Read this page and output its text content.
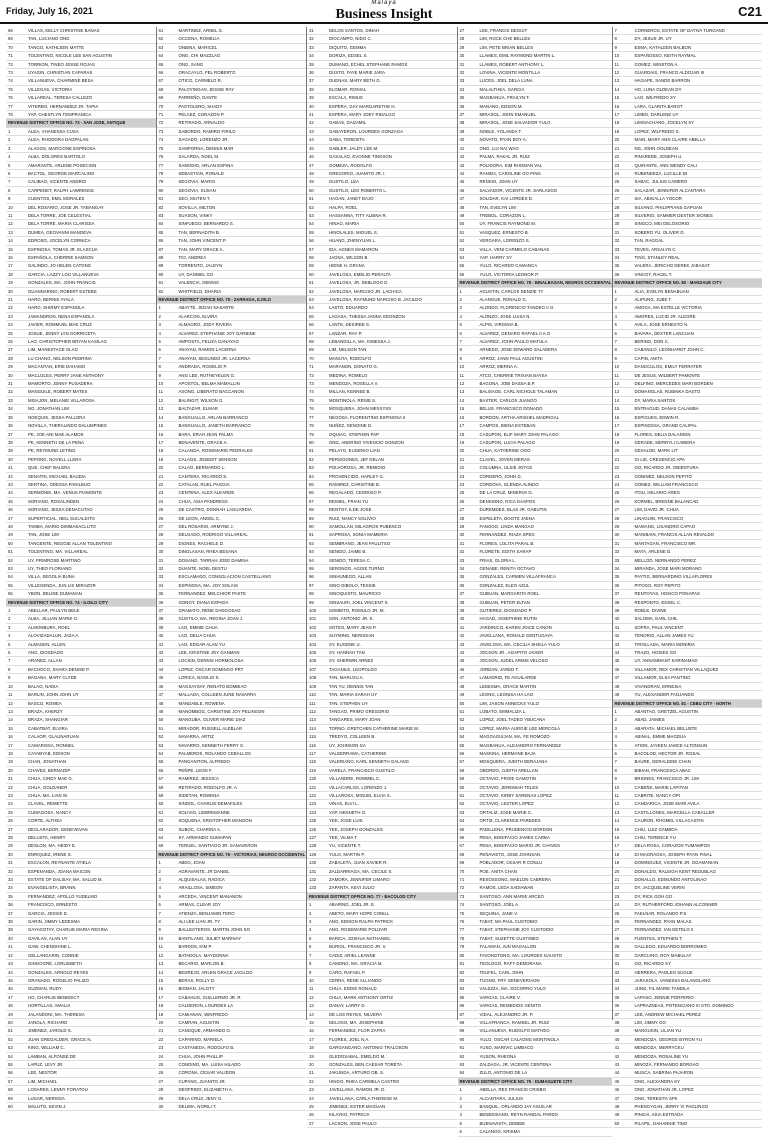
Friday, July 16, 2021
Malaya
Business Insight	C21
68	VILLAS, KELLY CHRISTINE BANAS
69	TAN, LUCIANO ONG
70	TANGO, KATHLEEN MATTE
71	TOLENTINO, NICOLE LEE SAN AGUSTIN
72	TORRION, TINEO JESSE ROJAS
73	UYAGIN, CHRISTIAN CAPARAS
74	VILLANUEVA, CHARMINE BESA
75	VILLEGAS, VICTORIA
76	VILLAREAL, TERESA CALLEZO
77	VITERBO, HERNANDEZ JR. TAPIA
78	YAP, CHESTLYN TEMPRANICA
REVENUE DISTRICT OFFICE NO. 73 - SAN JOSE, ANTIQUE
1	ALEA, VHANESSA CUSA
2	ALEA, RHODORA DAGPALAN
3	ALAGOS, MARCIONE ESPINOSA
4	ALBA, DOLORES BARTOLO
5	AMARANTE, ARLENE POSECION
6	BACTOL, GEORGE MARCALINO
7	CALIBAO, VICENTE ANDRIO
8	CARPENET, RALPH LAWRENCE
9	CUENTOS, EMIL MORALES
10	DEL ROSARIO, JOSE JR. TABANGAY
11	DELA TORRE, JOE CELESTIAL
12	DELA TORRE, MARIA CLARISSA
13	DUMEA, GEOVANNI MANDEVA
14	EDROSO, JOCELYN CORNICA
15	ESPINOSA, TOMAS JR. ELASCUA
16	ESPAÑOLA, CHERRIE SAMSON
17	GALINDO, JO HELEN CATONG
18	GARCIA, LAZZY LOU VILLANUEVA
19	GONZALES, MA. JOHN FRANCIS
20	GUANNARINO, ROBERT ESTEBS
21	HARO, BERNIE AYALA
22	HARO, SHIRMY ESPANOLA
23	JAMANDRON, NENA ESPANOLA
24	JAVIER, ROMMUEL MAE CRUZ
25	JOSUE, JENNY LYN GORRICETA
26	LAO, CHRISTOPHER BRYAN KASILAG
27	LIM, MANESTACE OLAG
28	LU CHANG, NELSON PEDRINA
29	MACANTAN, ERIE DAHAMO
30	MACLOLES, PERRY JANE ANTHONY
31	MAMORTO, JENNY PUSADERA
32	MANGUILE, ROBERT MATES
33	MISAJON, MELANIE VILLAROSA
34	NG, JONATHAN LIM
35	NOEQUIS, JESSA PALLORA
36	NOVILLA, THERALINDO DALUMPINES
37	PE, JOE-ANI MAE ALAMOS
38	PE, KENNETH DE LA PENA
39	PE, REYMUND LETING
40	PEPONG, NOVELL LLERA
41	QUE, CHEF BALERA
42	SENATIN, MICHAEL BAUDIA
43	SENTINA, ODESSA PADILBUO
44	SERMONIE, MA. VENUS PIAMONTE
45	SORIANO, ROSALINDEN
46	SORIANO, JESSA DENACUTAO
47	SUPERTICIAL, NEIL SUCALDITO
48	TAMBA, MARIO DIMMASACLUTO
49	TAN, JOSE LIM
50	TANGENTE, REGGIE ALLAN TOLENTINO
51	TOLENTINO, MA. VILLAREAL
52	UY, PRIMROSE MARTINO
53	UY, THEO FLORIANO
54	VILLA, SEGOLIA BUNA
55	VILLEGENDA, JUN LIS MIRAZOR
56	YBON, BELINE DUMANAN
REVENUE DISTRICT OFFICE NO. 74 - ILOILO CITY
1	ABELLAR, PAULYN BELE
2	ALBA, JILLIAN MARIE O.
3	ALMONBURA, ROEL
4	ALOVIZADALUN, JAZA A.
5	ALMAGEN, ALLEN
6	ANG, DIOSDADO
7	ARANEZ, ALLAN
8	BACHOCO, SHARA DENISE P.
9	BAGANA, MARY CLYDE
10	BALAO, NADIA
11	BARLIN, JOHN JOHN UY
12	BASCO, ROMEA
13	BRAZA, KHERZY
14	BRAZA, SHANGIAR
15	CABATBAT, ELVIRA
16	CALAOR, GLAUNARUAN
17	CAMARISSA, RONNEL
18	CAYABYAB, EDISON
19	CHAN, JONATHAN
20	CHAVEZ, BERNADIP
21	CHUA, CINDY MAE G.
22	CHUA, GOLDANER
23	CHUA, MA. LIAN W.
24	CLAVEL, REMETTE
25	CUMAGOSA, NANCY
26	CORTE, ALTHEA
27	DECLARADOR, GENEVEVAN
28	DELUSTA, HENRY
29	DESLON, MA. HEIDY E.
30	ENRIQUEZ, IRENE S.
31	ESCALON, REYNANTE ATIELA
32	ESPENANDA, JOANA MAICON
33	ESTATE OF DALISAY, MA. SALUD M.
34	EVANGELISTA, BRANN
35	FERNANDEZ, APOLLO YUDELMO
36	FRANCISCO, ERNESTO
37	GARCIA, JESSIE D.
38	GARIN, JIMMY LEDESMA
39	GAYAGOTAY, CHARLIE MARIA REGINA
40	GAVILAN, ALAN UY
41	GAW, CHENGHINE L.
42	GELLANGARIN, CONNIE
43	GINGOGRE, LORLIEBETH
44	GONZALES, ARNOLD REYES
45	GRANADO, ROGELIO PALIZO
46	GUZMAN, RUDY
47	HO, CHARLIE BENEDICT
48	HORTILLAS, AMALIA
49	JALANDONI, MA. THERESA
50	JANOLA, RICHARD
51	JIMENEZ, JAROLD S.
52	JUAN GREGALDER, GRACE N.
53	KING, WILLIAM C.
54	LAMBAN, ALFONSE DE
55	LAPUZ, LEVY JR.
56	LEE, NESTOR
57	LIM, MICHAEL
58	LOSARES, LENNY FORATOU
59	LUGAR, NERISSA
60	MALUTO, KEVIN J.
61	MARTINEZ, ARNEL S.
62	OCCENA, ROMELIA
63	ONBINA, MARICEL
64	ONG, CHI MAZZLAG
65	ONG, SANG
66	ORACAYLO, FEL ROBERTO
67	OTICO, CARMELO R.
68	PALOYINGAN, JESSIE RAY
69	PARREÑO, DANTE
70	PASTOLERO, SHADY
71	PELAEZ, CORAZON P.
72	RETIRADO, ARNALDO
73	SABORDO, RAMIRO FIRILO
74	SAGADO, LORENZO JR.
75	SAMPORNA, DENNIS MAR
76	SALARDA, NOEL M.
77	SAMODIO, ARLAN ESPINA
78	SEBASTIAN, RONALD
79	SEGOVIA, MARIO
80	SEGOVIA, SUSAN
81	SEO, MUTEN T.
82	SOVILLA, MILTON
83	SUASON, VINKY
84	SINFUEGO, BERNARDO S.
85	TAN, BERNADITH B.
86	TAN, JOHN VINCENT P.
87	TAN, MARY GRACE A.
88	TIO, ANDREA
89	TORRENTO, JALDYN
90	UY, DANNIEL GO
91	VALENCIA, DENNIS
92	WHITFIELD, DHARIA
REVENUE DISTRICT OFFICE NO. 75 - ZARRAGA, ILOILO
1	ABAYTE, JEDAH NASARTE
2	ALARCON, ELVIRA
3	ALMAGRO, JODY RIVERA
4	ALVAREZ, STEPHANIE JOY GARBINE
5	AMPOSTA, FELIZA GANAYAO
6	ANAYAN, RAMON LACERNA
7	ANAYAN, SEGUNDO JR. LACERNA
8	ANDRADA, ROGELIO P.
9	ANG LEE, RUTHEYELEN G.
10	APOSTOL, BELMA MAMALLIN
11	ASONG, LIBERATO BACCANON
12	BALINGIT, WILSON G.
13	BALTAZAR, ELMAR
14	BANGUALLO, ARLAN BARRANCO
15	BANGUALLO, JANETH BARRANCO
16	BARA, ERAH JEAN PALMA
17	BENAVENTE, GRACE A.
18	CALANOA, ROSEMARIE PEDRALES
19	CALAOS, JOSEDIT SENSON
20	CALAO, BERNARDO L.
21	CANTERA, RICARDO S.
22	CATALAN, RUEL PAGGIA
23	CENTENA, ALEX ALEARDE
24	CHUA, ASIA PANDRESS
25	DE CASTRO, DONNAH LAGUARDIA
26	DE LEON, ANGEL C.
27	DEL ROSARIO, ARMYNE J.
28	DELGADO, RODRIGO VILLAREAL
29	DIGNES, RACHELE D.
30	DINGLASAN, RHEA BESANA
31	DOSANO, TARRAH JOEE DAMINA
32	DUANTE, NOEL DESTU
33	ESCLAMADO, CONSOLACION CASTELLANO
34	ESPINOSA, MA. JOY SOLAIS
35	FERNANDEZ, MELCHIOR PASTE
36	GONOY, DIANA ESPADA
37	GRABATO, RENE DANGOSAO
38	GUSTILO, MA. REGINA JOAN J.
39	LAO, EMMIE CHUA
40	LAO, DELIA CHUA
41	LAO, EDGAR ALAN YU
42	LEE, KRISTINE JOY GANMAN
43	LOCSIN, DENNIS HORMOLOSA
44	LOPEZ, OSCAR DOMINGO PRT
45	LORICA, BASILIO S.
46	MAGSAYSAY, RENATO BOMBIAO
47	MALLADA, COLLEEN JUNE NAVARRA
48	MANDABLE, ROWENA
49	MANOMBOG, CHRISTINE JOY PELINGON
50	MANGUBA, OLIVER MARIE DIAZ
51	MIRADOR, RUSSELL ALEBLAR
52	NAVARRA, ARTIZ
53	NAVARRO, KENNETH FERRY S.
54	PALMEROS, ROLANDO CEBALLOS
55	PANGANITON, ALFREDO
56	PEÑPE, LEON F.
57	RAMIREZ, JESSICA
58	RETIRADO, RODOLFO JR. A.
59	SIDETAN, ROWENA
60	SINDOL, CHARLIE DEMAFILES
61	SOLIVIO, LIEBREMANNE
62	SOQUENA, KRISTOFHER MANGON
63	SUBOC, CHARINA A.
64	SY, ARMANDO GUMAPAN
65	TERUEL, SANTIAGO JR. SANAVERON
REVENUE DISTRICT OFFICE NO. 76 - VICTORIAS, NEGROS OCCIDENTAL
1	ABEO, JOAN
2	AGRAVANTE, JR DANIEL
3	ALQUISALAS, RADICA
4	ARAILLOSA, SIMEON
5	ARCEDA, VINCENT MANANON
6	ARMAS, CLEAR JOY
7	ATIENZA, BENJAMIN TERO
8	ALI LEE LIAN JR. TY
9	BALLESTEROS, MARTIN JOHN SO
10	BANTILANO, JULIET MARINAY
11	BARDOS, KIM P.
12	BATADOLA, MAYDONNA
13	BECARIO, MARLON B.
14	BEDREJO, ARLEN GRACE JACILDO
15	BERAS, ROLLY D.
16	BIGMAN, JALOTY
17	CABAHUG, GUILLERMO JR. R.
18	CALDERON, LOURDES LA
19	CAMIANAN, WINFREDO
20	CAMRAN, AGUSTIN
21	CANGQUE, ARMANDO O.
22	CAPARINO, MARIELA
23	CASTANEDA, RODOLFO B.
24	CHUA, JOHN PHILLIP
25	CONDINO, MA. LUISA HILADO
26	CORONA, CESAR VALIDON
27	CUPANG, JUANITO JR.
28	DEOFRIDO, ELIZABETH A.
29	DELA CRUZ, JENY G.
30	DELIMA, NORILI T.
31	DELOS SANTOS, DINAH
32	DIOCAMPO, NIDO C.
33	DIQUITO, GEMMA
34	DORIZA, EDSEL S.
35	DUMANO, ECHEL STEPHANE RAMOS
36	DUSTO, FAYE MARIE JARA
37	DUENAS, MARY BETH G.
38	ELOMAR, RONIAL
39	ESCALA, RIMUS
40	ESPERA, GAY MARGARETHE H.
41	ESPERA, MARY JOEY RIDALGO
42	GABAS, DAGAMIL
43	GABAYERON, LOURDES GONZAGA
44	GABA, TERESITA
45	GABLER, JALDY LEE M.
46	GASALAO, EVONNE TINGSON
47	GOMEZA, RODOLFO
48	GREGORIO, JUANITO JR. I.
49	GUSTILO, LEA
50	GUSTILO, LEO ROBERTO L.
51	HAGAN, JANET BAJO
52	HALPA, ROEL
53	HASSANNA, TITY ALBINA R.
54	HINAO, MARIA
55	HINOLALES, MIGUEL S.
56	HUANG, ZHENYUAN L.
57	IDA, AGNES MAMARON
58	JAGNA, WILSON B.
59	HIENE H. GRANA
60	JAVELOSA, EMELIO PERALTA
61	JAVELOSA, JR. SEBLOGO D.
62	JAVELOSA, NARCISO JR. LACHICA
63	JAVELOSA, RAYMUND NARCISO B. JACILDO
64	LASTO, EDUARDO
65	LAGASA, THESSA JANNA GEONZON
66	LANTE, DESIREE S.
67	LANZAR, RAY P.
68	LEBANDILLA, MA. KIMESSA J.
69	LIM, NELSON TAN
70	MANUTA, RODOLFO
71	MARANON, DONATO G.
72	MEDINA, ROMELO
73	MENDOZA, ROSELLA V.
74	MILLAN, KENNEE B.
75	MONTINOLA, RENIE S.
76	MOSQUERA, JOHN MEXXYSS
77	NEGOSA, FLORENTINO ESPINOSA II
78	NUÑEZ, GENOINE D.
79	OQUIAC, STEPHEN PAP
80	ONG, ANDRINO VIVENCIO GONZON
81	PELAYO, EUGENIO LIAN
82	PERSIGONES, JEF DELAN
83	POLVOROSA, JR. REMIGIO
84	PROVENCIDO, HARLEY G.
85	RAMIREZ, CHRISTINE B.
86	REGALADO, CEDRIXIO P.
87	REMIEL, FRIAN YU
88	RENTOY, ILDE JOSE
89	RUIZ, NANCY SOLIVIO
90	SAMOLLAN, MILAGROS PUBENCO
91	SAPROSA, SONIA MAMERIA
92	SEMBRANO, JEAN PAULITSO
93	SENIDO, JAIME B.
94	SENIDO, TERESA C.
95	SERONGO, AGGIE TURNO
96	SINHUNEGO, ALLAN
97	SINO GIBOLO, TESSIE
98	SINOQUISTO, MAURICIO
99	SINSAURI, JOEL VINCENT S.
100	SOMBITO, ROMULO JR. M.
101	SON, ANTONIO JR. K.
102	SOTEO, MARY JEAN P.
103	SUYMING, NERISSAN
104	SY, EUGENE U.
105	SY, HANNAH TAN
106	SY, SHERWIN ARNEZ
107	TAGANILE, LEOPOLDO
108	TAN, MARLOU A.
109	TAN YU, DENNIS TAN
110	TAN, MARIA SARAH UY
111	TAN, STEPHEN UY
112	TANGAO, PRIMO GREGORIO
113	TANGARES, MARY JOAN
114	TORNO, GRETCHEN CATHERINE MARIE M.
115	TREDYO, COLLEEN B.
116	UY, JOHNSON GA
117	VALDERRAMA, CATHERINE
118	VALERIANO, KARL KENNETH GALANG
119	VARELA, FRANCISCO GUSTILO
120	VILLANDRE, ROMMEL C.
121	VILLACARLOS, LORENZO J.
122	VILLAROSA, MIGUEL ELVIA S.
123	VINAS, ELVI L.
124	YAP, HENNETH O.
125	YEE, JOSE LUIS
126	YEE, JOSEPH GONZALES
127	YEE, VILMA T.
128	YU, VICENTE T.
129	YULO, MARTIN P.
130	ZABALETA, JUAN XAVIER R.
131	ZALDARRIAGA, MA. CECILE S.
132	ZAMORA, JENNIFER LIMARO
133	ZAPANTA, KEVI JULIO
REVENUE DISTRICT OFFICE NO. 77 - BACOLOD CITY
1	ABARING, JOEL JR. E.
2	ABETO, MARY HOPE CONILL
3	ANG, EDISON RALPH PATRICK
4	ANG, ROSEMARIE POLIZAR
5	BARICA, JOSHUA NATHANIEL
6	BURIOL, FRANCISCO JR. V.
7	CADIZ, ARIEL LEANNE
8	CAMONG, MA. GRACIA M.
9	CARO, RAFAEL P.
10	CERRA, RENE ALLIANDO
11	CHUA, EDDIE RONALD
12	CHUA, MARK ANTHONY ORTIZ
13	DANAY, LARRY D.
14	DE LOS REYES, NILVERA
15	DELOSO, MA. JOSEPHINE
16	FERNANDEZ, FLOR ZAFRA
17	FLORES, JOEL N.A.
18	GARGANGANO, ANTONIO TRALOSON
19	GLEDOSABAL, EMELDO M.
20	GONZALES, BEN CAESAR TORETA
21	JAKUNDA, ARTURO OB. S.
22	HINGO, RHEA CARMELA CASTRO
23	JAVELLANA, RAMON JR. D.
24	JAVELLANA, CARLA THERESE M.
25	JIMENEZ, ESTER MAGUAN
26	KILAYKO, PATRICIA
27	LACSON, JOSE PAULO
27	LEE, FRANCIS DEGUIT
28	LIM, ROCE CHE BELLES
29	LIM, PETE BRIAN BELLES
30	LLAMES, EMIL RAYMOND MARTIN L.
31	LLAMES, ROBERT ANTHONY L.
32	LOVINA, VICENTE MONTILLA
33	LUCES, JOEL DELA LUNA
34	MALALTHEA, GARCIA
35	MAGBANUA, FRAILYN T.
36	MANANG, EDSON M.
37	MIRASOL, JOHN EMANUEL
38	MIRASOL, JOSE SALVADOR YULO
39	NOBLE, YOLANDA T.
40	NOVATO, RYAN BOY A.
41	ONG, LUI NAI WAO
42	PALMA, RAKAL JR. RUIZ
43	POLIDORA, KIM RHOMAN VAL
44	RANIDA, CAROLINE GO PING
45	RENSIO, JOHN UY
46	SALVADOR, VICENTE JR. SARLASGO
47	SOLIDAR, KAI LORDES D.
48	TAN, EVELYN LIM
49	TREBOL, CORAZON L.
50	UY, FRANCIS RAYMOND M.
51	VASQUEZ, ERNESTO B.
52	VERGARA, LORENZO S.
53	VILLA, VENI CARMELO CABANAS
54	YAP, HARRY SY
55	YULO, RICARDO CAMANCA
56	YULO, VICTORIA LEONOR P.
REVENUE DISTRICT OFFICE NO. 78 - BINALBAGAN, NEGROS OCCIDENTAL
1	AGUSTIN, CARLOS DENZIE TY
2	ALANGUE, RONALD G.
3	ALONDO, FLORENCIO TANDEO II G.
4	ALONZO, JOSE LUISA N.
5	ALPIS, VIRGINIA B.
6	ALVAREZ, GENARO RAFAEL II A.O
7	ALVAREZ, JOHN PAULO MATULA
8	ARNEDO, JOSE EDWARD SALADERA
9	ARROZ, JANN PAUL AGUSTINI
10	ARROZ, MERNA A.
11	ATCO, CHERRIE TRIXIAN BAYSA
12	BAGONA, JOBI DASSA B.P.
13	BALISAGE, CARL NICHOLE TALAMAN
14	BAXTER, CARLOS JUANGO
15	BELUS, FRANCISCO DONADO
16	BORDON, ARTHA ARISHEL MADRIGAL
17	CAMPOS, BIENA ESTEBAN
18	CASUPON, ELIF MARY JOHN PALAGO
19	CASUPON, LUCIA PALAGO
20	CHUA, KATHERINE OOO
21	CLAVEL, JOVEN MERAS
22	COLUMNA, ULSIE JOYCE
23	CORDERO, JOHN D.
24	CORDOVA, GLENDA ALINDO
25	DE LA CRUZ, MINERVA G.
26	DENSIONO, RICA GASPOS
27	DUREMDES, BLAS JR. GABUTIN
28	ESPELETA, BOOTS JAENA
29	FANOGO, LINDA MANGAO
30	FERNANDEZ, RIAZA SPEG
31	FLORES, LOLITA PARAL B.
32	FLORETE, EDITH SARAP
33	FRIAS, GLORIA L.
34	GENABE, RENITA OCTAVO
35	GONZALES, CARMEN VILLAFRANCA
36	GONZALEZ, ELEO AZUL
37	GUBUAN, MARGARITA ROEL
38	GUBUAN, PETER ELTAN
39	GUTIEREZ, DIOSDADO P.
40	HAGAD, JOSEPHINE RUTIN
41	JARDINICO, KAREN JOICE CANON
42	JAVELLANA, RONALD GENTUGAYA
43	JAVELOSA, MA. CECILIA SHEILA YULO
44	JOCSON JR., AGAPITO JAVIER
45	JOCSON, JUDEL ARMIS VELOSO
46	JORDAN, JARED T.
47	LAMADRID, FE AGUILARDE
48	LEDESMA, GRACE MARTIN
49	LEONG, LEONISA HA LAO
50	LIM, JASON ANNECKS YULO
51	LOBATO, EMMALIZA L.
52	LOPEZ, JOEL TADEO YBUCANA
53	LOPEZ, MARIA AURGIE LEE MERCOLA
54	MAGGAGUIJAN, MA. FE ROMOZO
55	MAGBANUA, ALEJANDRO FERNANDEZ
56	MASKINA, HERMANE BAJA
57	MOSQUERA, JUDITH BERAJANA
58	OBORDO, JUDITH ARELLAN
59	OCTAVIO, FROIE GAMOTIN
60	OCTAVIO, JEREMIAH TELES
61	OCTAVIO, KIRBY SARENAS LOPEZ
62	OCTAVIO, LESTER LOPEZ
63	ORTALIZ, JOSE MARIE C.
64	ORTIZ, CLARENCE PAREDES
65	PADILLENA, PRUDENCIO BORDON
66	PENA, BONIFACIO JAMES CARBA
67	PENA, BONIFACIO MARIO JR. CHAVES
68	PEÑAVISTO, JOSE JOHNSAN
69	POBLADOR, CESAR R CONLU
70	POE, ANITA CHAN
71	RESOSSONG, MAELON CABRERA
72	RAMOS, LEDA SADIAWAN
73	SANTOSO, ANN MARIE ARCEO
74	SANTOSO, JOEL A.
75	SEQUINA, JANE V.
76	TABAT, MA PAUL CUSTOBIO
77	TABAT, STEPHANIE JOY CUSTODIO
78	TABAT, SUZETTE CUSTOBIO
79	TALAMAN, JUN MAGALLON
80	TAVONGTONG, MA. LOURDES GAUSTO
81	TEOLOGO, RAFY DEMORANA
82	TEUFEL, CARL JOHN
83	TUGNO, FRY GENEVERIAON
84	VALEZZA, MA. SOCORRO YULO
85	VARGAS, CLAIRE V.
86	VARGAS, REMEDIOS GENITO
87	VIDAL, ALEJANDRO JR. P.
88	VILLAFRANCA, RAMSEL JR. RUIZ
89	VILLANUEVA, RUDOLFO MATHEO
90	YULO, OSCAR CALAONG MONTINOLA
91	YUSO, MARIVIC LIMBACO
92	YUSON, RHEONA
93	ZALDAGA, JR. VICENTE CENTENA
94	ZULO, ANTONIO DE LA
REVENUE DISTRICT OFFICE NO. 79 - DUMAGUETE CITY
1	ABELLA, REX FRANCIS CRISBO
2	ALCANTARA, JULIUS
3	BANQUIL, ORLANDO JAY AGUILAR
4	BENEDISANO, REYN RANDAL PARDO
5	BUENAVISTA, DEBBIE
6	CALANOG, KRISMA
7	CORNEROS, ESTATE OF DATIVA TURGAND
8	DY, JESUS JR. UY
9	ESMA, KATHLEEN BALBON
10	ESPAÑOSSO, KEITH RAYMAL
11	GOMEZ, WINSTON A.
12	GUARDAIS, FRANCO ALDOJAR III
13	HAGAPE, SANDE BARRON
14	HO, LUNA OLDEAN DY
15	LAO, WILFREDO SY
16	LARA, CLARITA BAROT
17	LIMBO, DARLENE UY
18	LIMSIACHANG, JOCELYN SY
19	LOPEZ, WILFREDO S.
20	MAIN, MARY ANN CLAIRE ABELLA
21	NG, JOHN OOLDEAN
22	PINAREDE, JOSEPH U.
23	QUIRANTE, ANN WENDY CALI
24	RUBENDEZA, LUCILLE BI
25	SABAC, JULIUS CAMERO
26	SALAZAR, JENNIFER ALCANTARA
27	SIA, ABIGALLA YOCOR
28	SILVANO, PHILIPPIANS GAPUAN
29	SILVERIO, SAMMER DEXTER SIONES
30	SINGCO, MEI DELOSORIO
31	SOBERO YU, OLIVER G.
32	TAN, RAGGAL
33	TEVES, ARSALYN C.
34	TING, STANLEY REAL
35	VALERA, JERICHO DEREK JABASAT
36	VINCOY, RACEL T.
REVENUE DISTRICT OFFICE NO. 80 - MANDAUE CITY
1	ALIA, EVELYN BENABUAN
2	ALIPUNG, JUBE T.
3	AMOGA, MA ESTELLE VICTORIA
4	AMORES, LUCID JR. ALEGRE
5	AVILA, JOSE ERNESTO N.
6	BAVARA, DEXTER LANCUAN
7	BERING, DON C.
8	CABANILO, LEONHARDT JOHN C.
9	CAPIN, ANITA
10	DANGCULOS, EMILY FERRATER
11	DE JESUS, WILBERT PAMONTE
12	DELFINO, MERCEDES MARI BORDEN
13	DOMANGLAS, RUBINKA DASTO
14	DY, MARIA SANTOS
15	ENTRAGUD, DANAS CALAMBA
16	ESPIGUES, EDWIN R.
17	ESPINOSSA, GRAND CALIPAL
18	FLORES, DELIA DALANGIN
19	GERADE, MERRYLI CABIERA
20	GESALDE, MARK LIT
21	GI LIE, CRESENCIO APA
22	GO, RICARDO JR. OBIENTURA
23	GOBINEZ, NELSON PEPITO
24	GOMEZ, WILLIAM FRANCISCO
25	ITOU, HELARIO AREG
26	KORMEL, BRENNE BALANCAD
27	LIM, DAVID JR. CHUA
28	LINAGUIN, FRANCISCO
29	MAMANG, LISANDRO CAPAO
30	MANIBAIN, FRANCIS ALLAN REVALDO
31	MANTAGAN, FRANCISCO MR.
32	MATA, ARLENE D.
33	MELLOD, NERNANDO PEREZ
34	MIRANDA, JOSE MARI MORANO
35	PAYTIG, BERNARDINO VILLAFLORES
36	PITOGO, ROY PEPITO
37	RENTOYAS, HOSICO PONAPAS
38	RESPONTO, EDSEL C.
39	ROBLE, DIVINE
40	SALOMA, EARL CHIL
41	SOFRA, PAUL VINCENT
42	TENORIO, ALLAN JAMES YU
43	TIROLLADA, MARIA MONIRIA
44	TRAZO, HOSIES GO
45	UY, ANNAMMANT KARINAMAD
46	VILLAMOR, REX CHRISTIAN VILLAQUEZ
47	VILLAMOR, ELSA PANTINO
48	VIVANDRAN, ERNESIA
49	YU, ALEXANDER FAOJANDO
REVENUE DISTRICT OFFICE NO. 81 - CEBU CITY - NORTH
1	ABANTAO, GRETZEL AGUSTIN
2	ABAD, JAIMES
3	ABARATA, MICHAEL BELUSTE
4	ABINAL, EMME MAGDUA
5	ATION, JAYEEN JAMCE ALTONSUN
6	BACOLOD, HECTOR JR. ROSAL
7	BAURE, GERALDINE CHAN
8	BIBIAN, FRANCESCA ABAC
9	BRIONES, FRANCISCO JR. LIM
10	CABEÑS, MARIE LAPITAN
11	CABRITE, NANCY OPI
12	CANDARICA, JOSE MARI AVILA
13	CASTILLONES, MARCELLA CABALLER
14	CAURON, RHOMEL VILLACASTIN
15	CHIU, LUIZ GAMBOA
16	CHIU, TERENCE YU
17	DELA ROSA, CORAZON TUMAMPOS
18	DI MAGRAGSA, JOSEPH RYAN FINAL
19	DOMINGUEZ, VICENTE JR. OGAMANIAN
20	DONALDO, RALEIGH KENT REDUBLAO
21	DONALLO, EDMUNDO ANTOLINAO
22	DY, JACQUELINE VERIN
23	DY, RICK GOH GO
24	DY, RUTHERFORD JOHANN ALCONNER
25	FAELNAR, ROLANDO P.S.
26	FERNANDEZ, RYAN MALAS
27	FERNANDEZ, IAN DETELO II
28	FUENTES, STEPHEN T.
29	GALLEGO, EDUARDO BORROMEO
30	GARCIANO, ROY MABULAY
31	GO, RICARDO SY
32	HERRERA, PAOLEO SUGUE
33	JARASOLA, VANESSA BALANGLANG
34	JUNG, FIL MARIE TANDILA
35	LAPASO, JENNIE PORFERIO
36	LAPRAZNEAS, POTENCIANO III STO. DOMINGO
37	LEE, ANDREW MICHAEL PEREZ
38	LIM, JIMMY GO
39	MANGUSIN, LILIAN YU
40	MENDOZA, GEORGE BYRON YU
41	MENDOZA, MERRYCKU
42	MENDOZA, ROSALINE YU
43	MINOZA, FERNANDO BORGAO
44	MUSCA, SABRINA PAJARON
45	ONG, ALEXANDRA SY
46	ONG, JONATHAN JR. LOPEZ
47	ONG, TERESITA SPK
48	PHENGYGAN, JERRY VI PAGLINGO
49	PINGAI, ASIA ESTRADA
50	PILAPIL, DAHANNIE TINO
